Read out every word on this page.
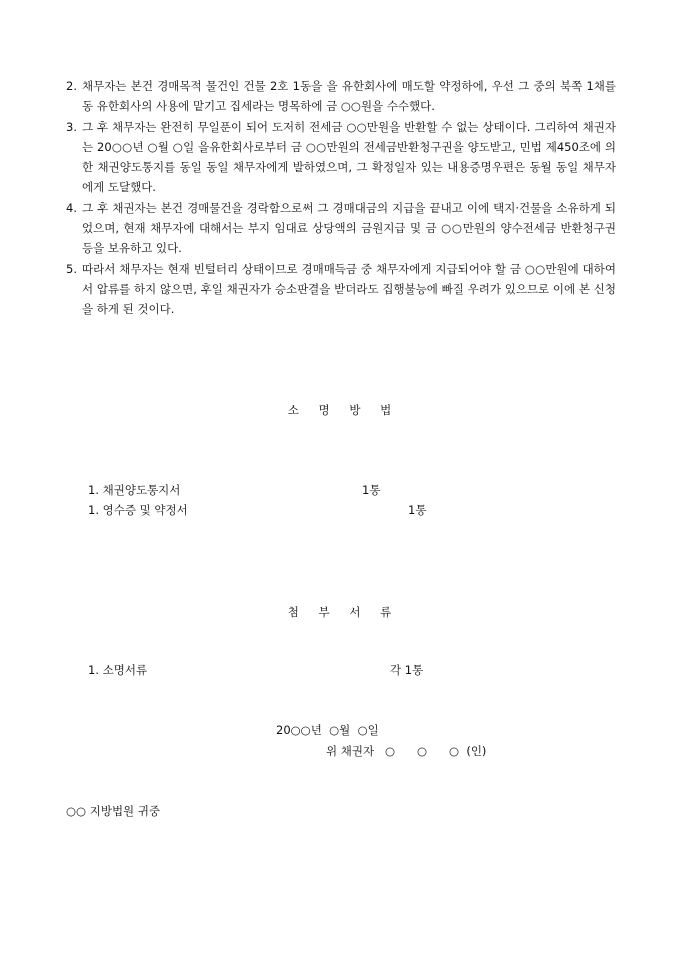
2. 채무자는 본건 경매목적 물건인 건물 2호 1동을 을 유한회사에 매도할 약정하에, 우선 그 중의 북쪽 1채를 동 유한회사의 사용에 맡기고 집세라는 명목하에 금 ○○원을 수수했다.
3. 그 후 채무자는 완전히 무일푼이 되어 도저히 전세금 ○○만원을 반환할 수 없는 상태이다. 그리하여 채권자는 20○○년 ○월 ○일 을유한회사로부터 금 ○○만원의 전세금반환청구권을 양도받고, 민법 제450조에 의한 채권양도통지를 동일 동일 채무자에게 발하였으며, 그 확정일자 있는 내용증명우편은 동월 동일 채무자에게 도달했다.
4. 그 후 채권자는 본건 경매물건을 경락함으로써 그 경매대금의 지급을 끝내고 이에 택지·건물을 소유하게 되었으며, 현재 채무자에 대해서는 부지 임대료 상당액의 금원지급 및 금 ○○만원의 양수전세금 반환청구권 등을 보유하고 있다.
5. 따라서 채무자는 현재 빈털터리 상태이므로 경매매득금 중 채무자에게 지급되어야 할 금 ○○만원에 대하여서 압류를 하지 않으면, 후일 채권자가 승소판결을 받더라도 집행불능에 빠질 우려가 있으므로 이에 본 신청을 하게 된 것이다.
소 명 방 법
1. 채권양도통지서	1통
1. 영수증 및 약정서	1통
첨 부 서 류
1. 소명서류	각 1통
20○○년  ○월  ○일
위 채권자   ○      ○      ○  (인)
○○ 지방법원 귀중
